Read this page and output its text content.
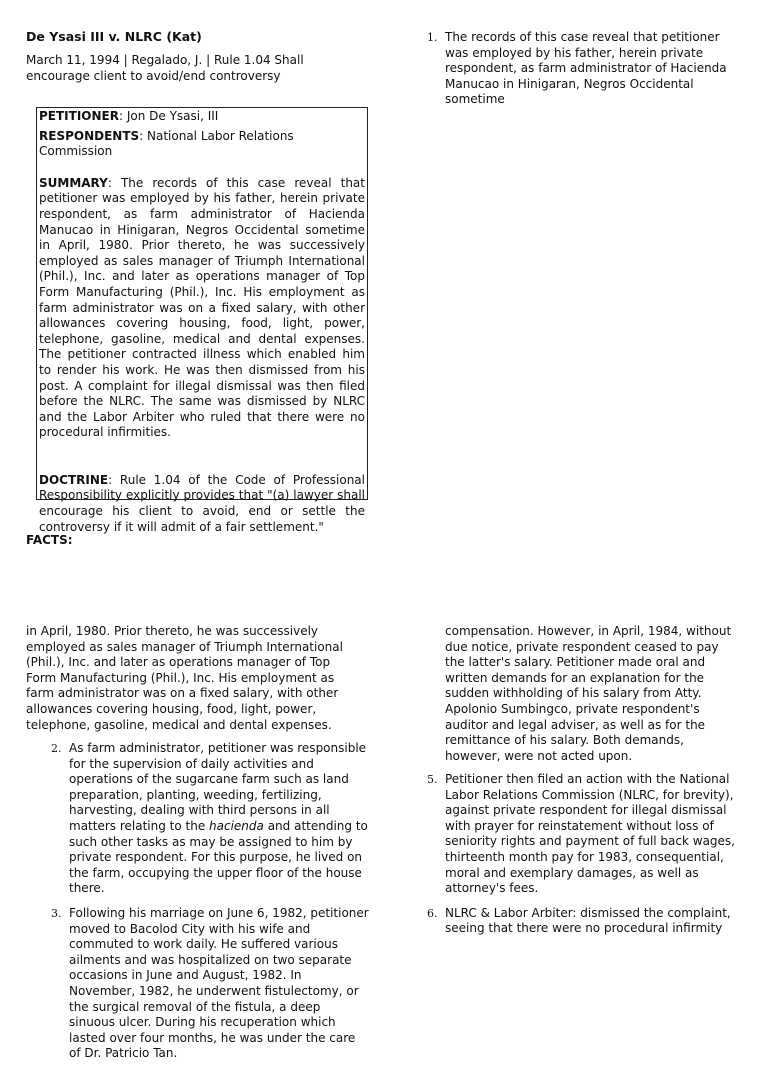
De Ysasi III v. NLRC (Kat)
March 11, 1994 | Regalado, J. | Rule 1.04 Shall encourage client to avoid/end controversy

PETITIONER: Jon De Ysasi, III

RESPONDENTS: National Labor Relations Commission

SUMMARY: The records of this case reveal that petitioner was employed by his father, herein private respondent, as farm administrator of Hacienda Manucao in Hinigaran, Negros Occidental sometime in April, 1980. Prior thereto, he was successively employed as sales manager of Triumph International (Phil.), Inc. and later as operations manager of Top Form Manufacturing (Phil.), Inc. His employment as farm administrator was on a fixed salary, with other allowances covering housing, food, light, power, telephone, gasoline, medical and dental expenses. The petitioner contracted illness which enabled him to render his work. He was then dismissed from his post. A complaint for illegal dismissal was then filed before the NLRC. The same was dismissed by NLRC and the Labor Arbiter who ruled that there were no procedural infirmities.

DOCTRINE: Rule 1.04 of the Code of Professional Responsibility explicitly provides that "(a) lawyer shall encourage his client to avoid, end or settle the controversy if it will admit of a fair settlement."

FACTS:
1. The records of this case reveal that petitioner was employed by his father, herein private respondent, as farm administrator of Hacienda Manucao in Hinigaran, Negros Occidental sometime

in April, 1980. Prior thereto, he was successively employed as sales manager of Triumph International (Phil.), Inc. and later as operations manager of Top Form Manufacturing (Phil.), Inc. His employment as farm administrator was on a fixed salary, with other allowances covering housing, food, light, power, telephone, gasoline, medical and dental expenses.

2. As farm administrator, petitioner was responsible for the supervision of daily activities and operations of the sugarcane farm such as land preparation, planting, weeding, fertilizing, harvesting, dealing with third persons in all matters relating to the hacienda and attending to such other tasks as may be assigned to him by private respondent. For this purpose, he lived on the farm, occupying the upper floor of the house there.
3. Following his marriage on June 6, 1982, petitioner moved to Bacolod City with his wife and commuted to work daily. He suffered various ailments and was hospitalized on two separate occasions in June and August, 1982. In November, 1982, he underwent fistulectomy, or the surgical removal of the fistula, a deep sinuous ulcer. During his recuperation which lasted over four months, he was under the care of Dr. Patricio Tan.

compensation. However, in April, 1984, without due notice, private respondent ceased to pay the latter's salary. Petitioner made oral and written demands for an explanation for the sudden withholding of his salary from Atty. Apolonio Sumbingco, private respondent's auditor and legal adviser, as well as for the remittance of his salary. Both demands, however, were not acted upon.

5. Petitioner then filed an action with the National Labor Relations Commission (NLRC, for brevity), against private respondent for illegal dismissal with prayer for reinstatement without loss of seniority rights and payment of full back wages, thirteenth month pay for 1983, consequential, moral and exemplary damages, as well as attorney's fees.
6. NLRC & Labor Arbiter: dismissed the complaint, seeing that there were no procedural infirmity
